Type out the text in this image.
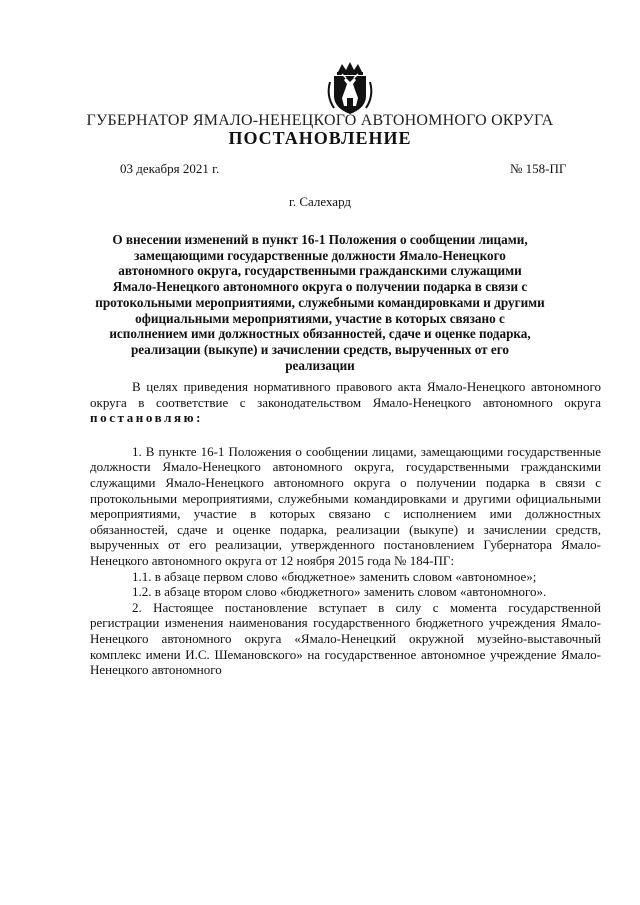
ГУБЕРНАТОР ЯМАЛО-НЕНЕЦКОГО АВТОНОМНОГО ОКРУГА
ПОСТАНОВЛЕНИЕ
03 декабря 2021 г.	№ 158-ПГ
г. Салехард
О внесении изменений в пункт 16-1 Положения о сообщении лицами, замещающими государственные должности Ямало-Ненецкого автономного округа, государственными гражданскими служащими Ямало-Ненецкого автономного округа о получении подарка в связи с протокольными мероприятиями, служебными командировками и другими официальными мероприятиями, участие в которых связано с исполнением ими должностных обязанностей, сдаче и оценке подарка, реализации (выкупе) и зачислении средств, вырученных от его реализации

В целях приведения нормативного правового акта Ямало-Ненецкого автономного округа в соответствие с законодательством Ямало-Ненецкого автономного округа постановляю:

1. В пункте 16-1 Положения о сообщении лицами, замещающими государственные должности Ямало-Ненецкого автономного округа, государственными гражданскими служащими Ямало-Ненецкого автономного округа о получении подарка в связи с протокольными мероприятиями, служебными командировками и другими официальными мероприятиями, участие в которых связано с исполнением ими должностных обязанностей, сдаче и оценке подарка, реализации (выкупе) и зачислении средств, вырученных от его реализации, утвержденного постановлением Губернатора Ямало-Ненецкого автономного округа от 12 ноября 2015 года № 184-ПГ:

1.1. в абзаце первом слово «бюджетное» заменить словом «автономное»;

1.2. в абзаце втором слово «бюджетного» заменить словом «автономного».

2. Настоящее постановление вступает в силу с момента государственной регистрации изменения наименования государственного бюджетного учреждения Ямало-Ненецкого автономного округа «Ямало-Ненецкий окружной музейно-выставочный комплекс имени И.С. Шемановского» на государственное автономное учреждение Ямало-Ненецкого автономного
